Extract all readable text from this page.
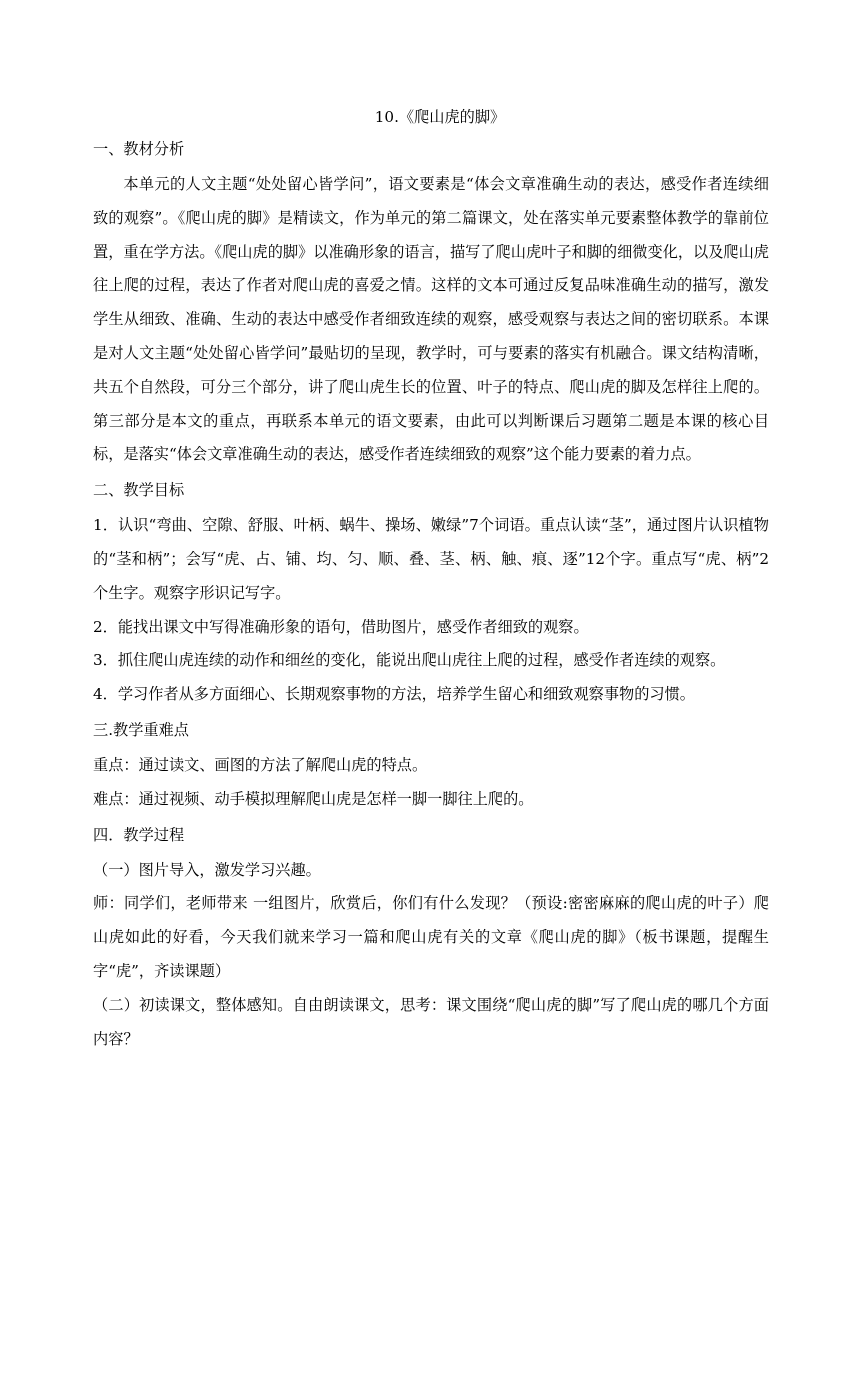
10.《爬山虎的脚》

一、教材分析

本单元的人文主题“处处留心皆学问”，语文要素是“体会文章准确生动的表达，感受作者连续细致的观察”。《爬山虎的脚》是精读文，作为单元的第二篇课文，处在落实单元要素整体教学的靠前位置，重在学方法。《爬山虎的脚》以准确形象的语言，描写了爬山虎叶子和脚的细微变化，以及爬山虎往上爬的过程，表达了作者对爬山虎的喜爱之情。这样的文本可通过反复品味准确生动的描写，激发学生从细致、准确、生动的表达中感受作者细致连续的观察，感受观察与表达之间的密切联系。本课是对人文主题“处处留心皆学问”最贴切的呈现，教学时，可与要素的落实有机融合。课文结构清晰，共五个自然段，可分三个部分，讲了爬山虎生长的位置、叶子的特点、爬山虎的脚及怎样往上爬的。第三部分是本文的重点，再联系本单元的语文要素，由此可以判断课后习题第二题是本课的核心目标，是落实“体会文章准确生动的表达，感受作者连续细致的观察”这个能力要素的着力点。

二、教学目标

1．认识“弯曲、空隙、舒服、叶柄、蜗牛、操场、嫩绿”7个词语。重点认读“茎”，通过图片认识植物的“茎和柄”；会写“虎、占、铺、均、匀、顺、叠、茎、柄、触、痕、逐”12个字。重点写“虎、柄”2个生字。观察字形识记写字。

2．能找出课文中写得准确形象的语句，借助图片，感受作者细致的观察。

3．抓住爬山虎连续的动作和细丝的变化，能说出爬山虎往上爬的过程，感受作者连续的观察。

4．学习作者从多方面细心、长期观察事物的方法，培养学生留心和细致观察事物的习惯。

三.教学重难点

重点：通过读文、画图的方法了解爬山虎的特点。

难点：通过视频、动手模拟理解爬山虎是怎样一脚一脚往上爬的。

四．教学过程

（一）图片导入，激发学习兴趣。

师：同学们，老师带来 一组图片，欣赏后，你们有什么发现？（预设:密密麻麻的爬山虎的叶子）爬山虎如此的好看，今天我们就来学习一篇和爬山虎有关的文章《爬山虎的脚》（板书课题，提醒生字“虎”，齐读课题）

（二）初读课文，整体感知。自由朗读课文，思考：课文围绕“爬山虎的脚”写了爬山虎的哪几个方面内容？
